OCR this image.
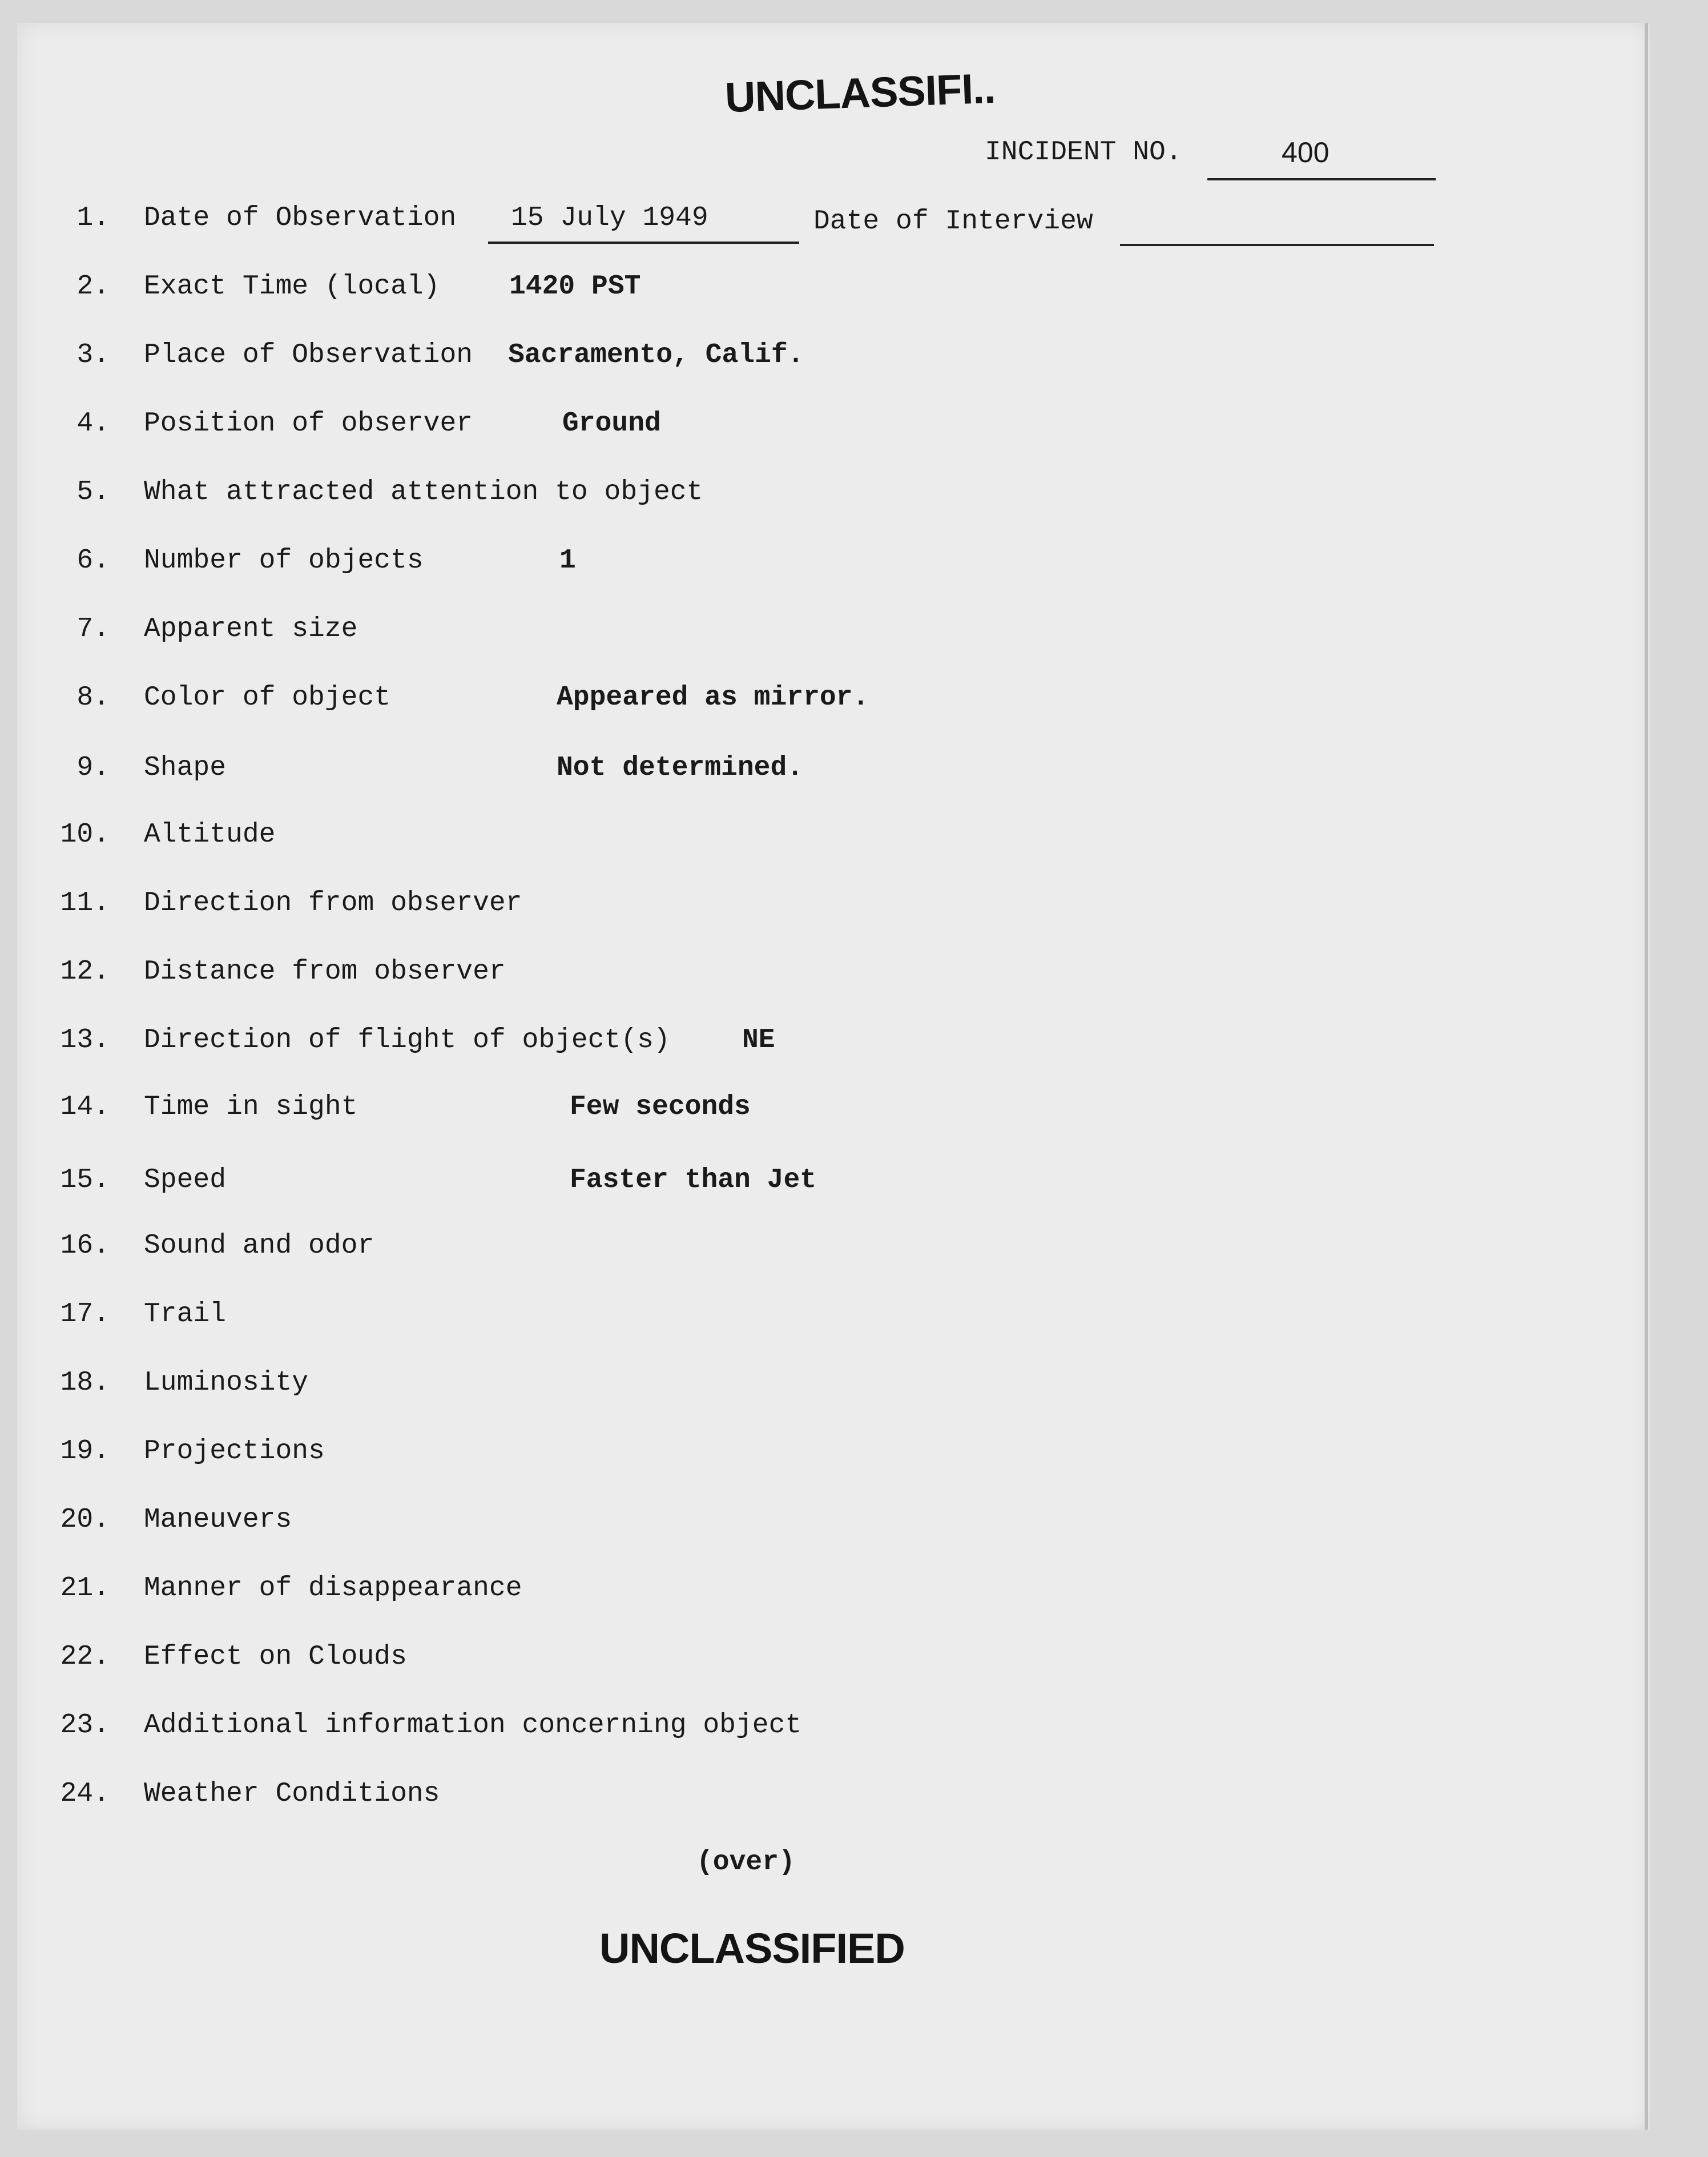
UNCLASSIFI..
INCIDENT NO.	400
1. Date of Observation	15 July 1949	Date of Interview
2. Exact Time (local)	1420 PST
3. Place of Observation Sacramento, Calif.
4. Position of observer	Ground
5. What attracted attention to object
6. Number of objects	1
7. Apparent size
8. Color of object	Appeared as mirror.
9. Shape	Not determined.
10. Altitude
11. Direction from observer
12. Distance from observer
13. Direction of flight of object(s)	NE
14. Time in sight	Few seconds
15. Speed	Faster than Jet
16. Sound and odor
17. Trail
18. Luminosity
19. Projections
20. Maneuvers
21. Manner of disappearance
22. Effect on Clouds
23. Additional information concerning object
24. Weather Conditions
(over)
UNCLASSIFIED
